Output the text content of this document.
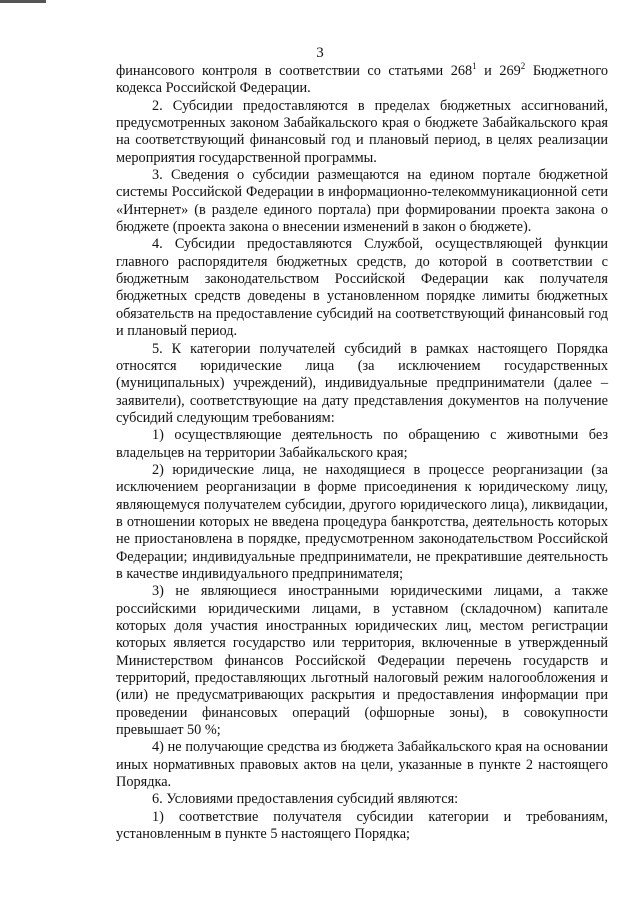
3

финансового контроля в соответствии со статьями $268^1$ и $269^2$ Бюджетного кодекса Российской Федерации.

2. Субсидии предоставляются в пределах бюджетных ассигнований, предусмотренных законом Забайкальского края о бюджете Забайкальского края на соответствующий финансовый год и плановый период, в целях реализации мероприятия государственной программы.

3. Сведения о субсидии размещаются на едином портале бюджетной системы Российской Федерации в информационно-телекоммуникационной сети «Интернет» (в разделе единого портала) при формировании проекта закона о бюджете (проекта закона о внесении изменений в закон о бюджете).

4. Субсидии предоставляются Службой, осуществляющей функции главного распорядителя бюджетных средств, до которой в соответствии с бюджетным законодательством Российской Федерации как получателя бюджетных средств доведены в установленном порядке лимиты бюджетных обязательств на предоставление субсидий на соответствующий финансовый год и плановый период.

5. К категории получателей субсидий в рамках настоящего Порядка относятся юридические лица (за исключением государственных (муниципальных) учреждений), индивидуальные предприниматели (далее – заявители), соответствующие на дату представления документов на получение субсидий следующим требованиям:

1) осуществляющие деятельность по обращению с животными без владельцев на территории Забайкальского края;

2) юридические лица, не находящиеся в процессе реорганизации (за исключением реорганизации в форме присоединения к юридическому лицу, являющемуся получателем субсидии, другого юридического лица), ликвидации, в отношении которых не введена процедура банкротства, деятельность которых не приостановлена в порядке, предусмотренном законодательством Российской Федерации; индивидуальные предприниматели, не прекратившие деятельность в качестве индивидуального предпринимателя;

3) не являющиеся иностранными юридическими лицами, а также российскими юридическими лицами, в уставном (складочном) капитале которых доля участия иностранных юридических лиц, местом регистрации которых является государство или территория, включенные в утвержденный Министерством финансов Российской Федерации перечень государств и территорий, предоставляющих льготный налоговый режим налогообложения и (или) не предусматривающих раскрытия и предоставления информации при проведении финансовых операций (офшорные зоны), в совокупности превышает 50 %;

4) не получающие средства из бюджета Забайкальского края на основании иных нормативных правовых актов на цели, указанные в пункте 2 настоящего Порядка.

6. Условиями предоставления субсидий являются:

1) соответствие получателя субсидии категории и требованиям, установленным в пункте 5 настоящего Порядка;
